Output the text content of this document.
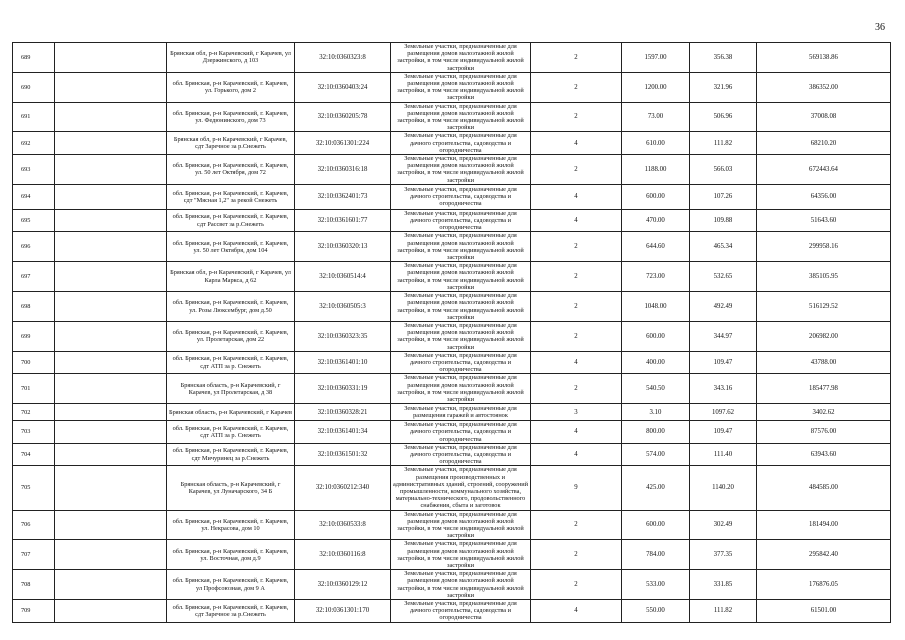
36
689		Брянская обл, р-н Карачевский, г Карачев, ул Дзержинского, д 103	32:10:0360323:8	Земельные участки, предназначенные для размещения домов малоэтажной жилой застройки, в том числе индивидуальной жилой застройки	2	1597.00	356.38	569138.86
690		обл. Брянская, р-н Карачевский, г. Карачев, ул. Горького, дом 2	32:10:0360403:24	Земельные участки, предназначенные для размещения домов малоэтажной жилой застройки, в том числе индивидуальной жилой застройки	2	1200.00	321.96	386352.00
691		обл. Брянская, р-н Карачевский, г. Карачев, ул. Федюнинского, дом 73	32:10:0360205:78	Земельные участки, предназначенные для размещения домов малоэтажной жилой застройки, в том числе индивидуальной жилой застройки	2	73.00	506.96	37008.08
692		Брянская обл, р-н Карачевский, г Карачев, сдт Заречное за р.Снежеть	32:10:0361301:224	Земельные участки, предназначенные для дачного строительства, садоводства и огородничества	4	610.00	111.82	68210.20
693		обл. Брянская, р-н Карачевский, г. Карачев, ул. 50 лет Октября, дом 72	32:10:0360316:18	Земельные участки, предназначенные для размещения домов малоэтажной жилой застройки, в том числе индивидуальной жилой застройки	2	1188.00	566.03	672443.64
694		обл. Брянская, р-н Карачевский, г. Карачев, сдт "Мясная 1,2" за рекой Снежеть	32:10:0362401:73	Земельные участки, предназначенные для дачного строительства, садоводства и огородничества	4	600.00	107.26	64356.00
695		обл. Брянская, р-н Карачевский, г. Карачев, сдт Рассвет за р.Снежеть	32:10:0361601:77	Земельные участки, предназначенные для дачного строительства, садоводства и огородничества	4	470.00	109.88	51643.60
696		обл. Брянская, р-н Карачевский, г. Карачев, ул. 50 лет Октября, дом 104	32:10:0360320:13	Земельные участки, предназначенные для размещения домов малоэтажной жилой застройки, в том числе индивидуальной жилой застройки	2	644.60	465.34	299958.16
697		Брянская обл, р-н Карачевский, г Карачев, ул Карла Маркса, д 62	32:10:0360514:4	Земельные участки, предназначенные для размещения домов малоэтажной жилой застройки, в том числе индивидуальной жилой застройки	2	723.00	532.65	385105.95
698		обл. Брянская, р-н Карачевский, г. Карачев, ул. Розы Люксембург, дом д.50	32:10:0360505:3	Земельные участки, предназначенные для размещения домов малоэтажной жилой застройки, в том числе индивидуальной жилой застройки	2	1048.00	492.49	516129.52
699		обл. Брянская, р-н Карачевский, г. Карачев, ул. Пролетарская, дом 22	32:10:0360323:35	Земельные участки, предназначенные для размещения домов малоэтажной жилой застройки, в том числе индивидуальной жилой застройки	2	600.00	344.97	206982.00
700		обл. Брянская, р-н Карачевский, г. Карачев, сдт АТП за р. Снежеть	32:10:0361401:10	Земельные участки, предназначенные для дачного строительства, садоводства и огородничества	4	400.00	109.47	43788.00
701		Брянская область, р-н Карачевский, г Карачев, ул Пролетарская, д 38	32:10:0360331:19	Земельные участки, предназначенные для размещения домов малоэтажной жилой застройки, в том числе индивидуальной жилой застройки	2	540.50	343.16	185477.98
702		Брянская область, р-н Карачевский, г Карачев	32:10:0360328:21	Земельные участки, предназначенные для размещения гаражей и автостоянок	3	3.10	1097.62	3402.62
703		обл. Брянская, р-н Карачевский, г. Карачев, сдт АТП за р. Снежеть	32:10:0361401:34	Земельные участки, предназначенные для дачного строительства, садоводства и огородничества	4	800.00	109.47	87576.00
704		обл. Брянская, р-н Карачевский, г. Карачев, сдт Мичуринец за р.Снежеть	32:10:0361501:32	Земельные участки, предназначенные для дачного строительства, садоводства и огородничества	4	574.00	111.40	63943.60
705		Брянская область, р-н Карачевский, г Карачев, ул Луначарского, 34 Б	32:10:0360212:340	Земельные участки, предназначенные для размещения производственных и административных зданий, строений, сооружений промышленности, коммунального хозяйства, материально-технического, продовольственного снабжения, сбыта и заготовок	9	425.00	1140.20	484585.00
706		обл. Брянская, р-н Карачевский, г. Карачев, ул. Некрасова, дом 10	32:10:0360533:8	Земельные участки, предназначенные для размещения домов малоэтажной жилой застройки, в том числе индивидуальной жилой застройки	2	600.00	302.49	181494.00
707		обл. Брянская, р-н Карачевский, г. Карачев, ул. Восточная, дом д.9	32:10:0360116:8	Земельные участки, предназначенные для размещения домов малоэтажной жилой застройки, в том числе индивидуальной жилой застройки	2	784.00	377.35	295842.40
708		обл. Брянская, р-н Карачевский, г. Карачев, ул Профсоюзная, дом 9 А	32:10:0360129:12	Земельные участки, предназначенные для размещения домов малоэтажной жилой застройки, в том числе индивидуальной жилой застройки	2	533.00	331.85	176876.05
709		обл. Брянская, р-н Карачевский, г. Карачев, сдт Заречное за р.Снежеть	32:10:0361301:170	Земельные участки, предназначенные для дачного строительства, садоводства и огородничества	4	550.00	111.82	61501.00
